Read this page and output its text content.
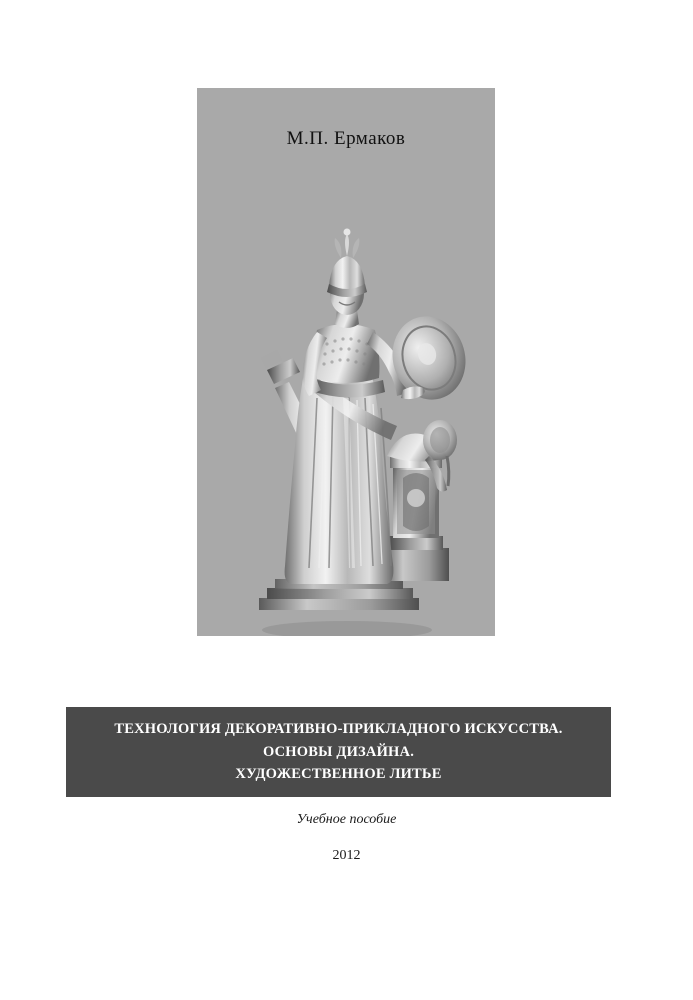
М.П. Ермаков
ТЕХНОЛОГИЯ ДЕКОРАТИВНО-ПРИКЛАДНОГО ИСКУССТВА.
ОСНОВЫ ДИЗАЙНА.
ХУДОЖЕСТВЕННОЕ ЛИТЬЕ
Учебное пособие
2012
